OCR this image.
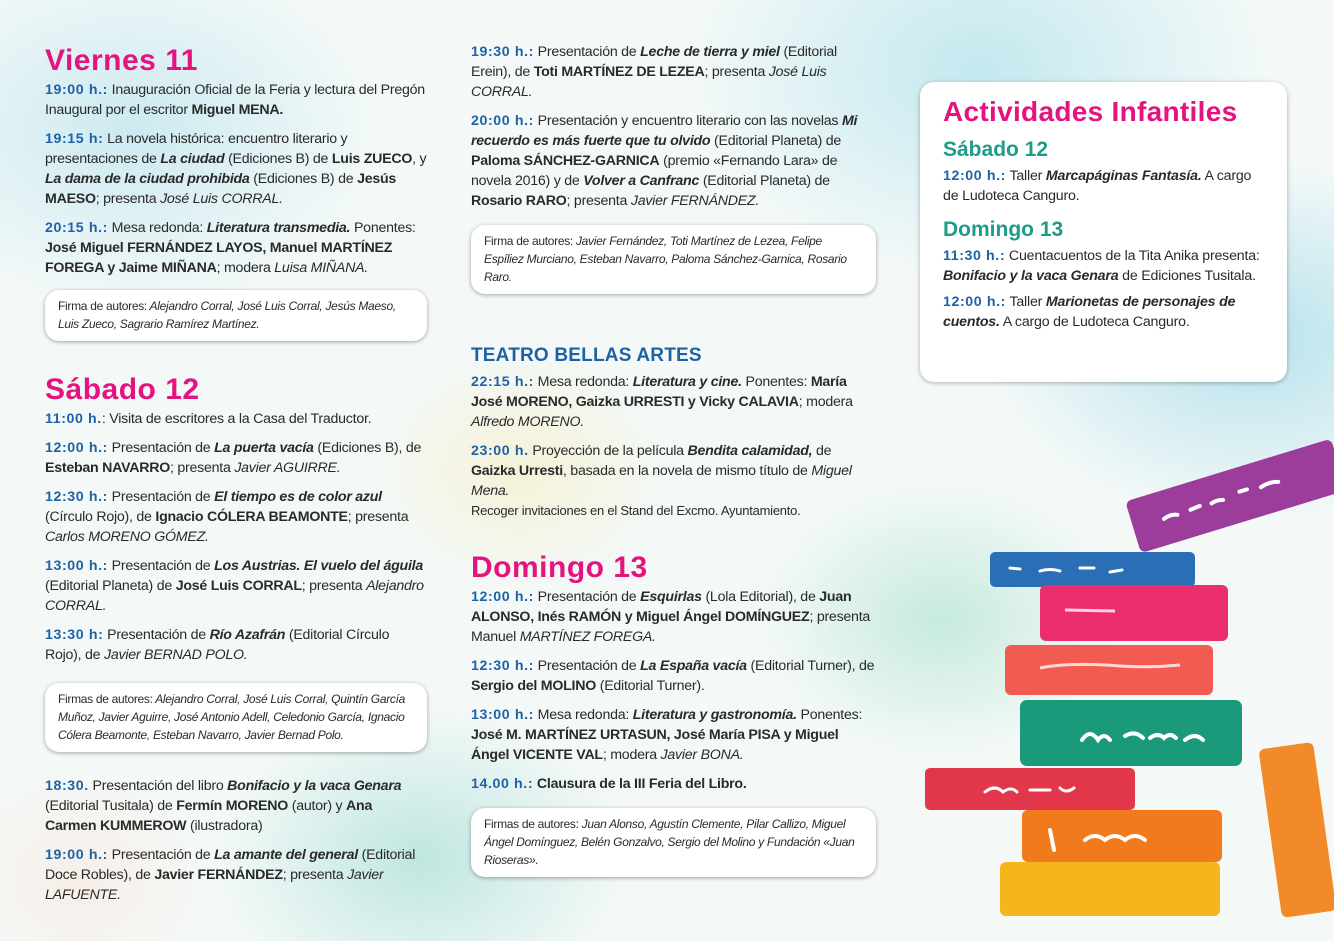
Viernes 11

19:00 h.: Inauguración Oficial de la Feria y lectura del Pregón Inaugural por el escritor Miguel MENA.

19:15 h: La novela histórica: encuentro literario y presentaciones de La ciudad (Ediciones B) de Luis ZUECO, y La dama de la ciudad prohibida (Ediciones B) de Jesús MAESO; presenta José Luis CORRAL.

20:15 h.: Mesa redonda: Literatura transmedia. Ponentes: José Miguel FERNÁNDEZ LAYOS, Manuel MARTÍNEZ FOREGA y Jaime MIÑANA; modera Luisa MIÑANA.

Firma de autores: Alejandro Corral, José Luis Corral, Jesús Maeso, Luis Zueco, Sagrario Ramírez Martínez.
Sábado 12

11:00 h.: Visita de escritores a la Casa del Traductor.

12:00 h.: Presentación de La puerta vacía (Ediciones B), de Esteban NAVARRO; presenta Javier AGUIRRE.

12:30 h.: Presentación de El tiempo es de color azul (Círculo Rojo), de Ignacio CÓLERA BEAMONTE; presenta Carlos MORENO GÓMEZ.

13:00 h.: Presentación de Los Austrias. El vuelo del águila (Editorial Planeta) de José Luis CORRAL; presenta Alejandro CORRAL.

13:30 h: Presentación de Río Azafrán (Editorial Círculo Rojo), de Javier BERNAD POLO.

Firmas de autores: Alejandro Corral, José Luis Corral, Quintín García Muñoz, Javier Aguirre, José Antonio Adell, Celedonio García, Ignacio Cólera Beamonte, Esteban Navarro, Javier Bernad Polo.

18:30. Presentación del libro Bonifacio y la vaca Genara (Editorial Tusitala) de Fermín MORENO (autor) y Ana Carmen KUMMEROW (ilustradora)

19:00 h.: Presentación de La amante del general (Editorial Doce Robles), de Javier FERNÁNDEZ; presenta Javier LAFUENTE.

19:30 h.: Presentación de Leche de tierra y miel (Editorial Erein), de Toti MARTÍNEZ DE LEZEA; presenta José Luis CORRAL.

20:00 h.: Presentación y encuentro literario con las novelas Mi recuerdo es más fuerte que tu olvido (Editorial Planeta) de Paloma SÁNCHEZ-GARNICA (premio «Fernando Lara» de novela 2016) y de Volver a Canfranc (Editorial Planeta) de Rosario RARO; presenta Javier FERNÁNDEZ.

Firma de autores: Javier Fernández, Toti Martínez de Lezea, Felipe Espíliez Murciano, Esteban Navarro, Paloma Sánchez-Garnica, Rosario Raro.
TEATRO BELLAS ARTES

22:15 h.: Mesa redonda: Literatura y cine. Ponentes: María José MORENO, Gaizka URRESTI y Vicky CALAVIA; modera Alfredo MORENO.

23:00 h. Proyección de la película Bendita calamidad, de Gaizka Urresti, basada en la novela de mismo título de Miguel Mena.
Recoger invitaciones en el Stand del Excmo. Ayuntamiento.

Domingo 13

12:00 h.: Presentación de Esquirlas (Lola Editorial), de Juan ALONSO, Inés RAMÓN y Miguel Ángel DOMÍNGUEZ; presenta Manuel MARTÍNEZ FOREGA.

12:30 h.: Presentación de La España vacía (Editorial Turner), de Sergio del MOLINO (Editorial Turner).

13:00 h.: Mesa redonda: Literatura y gastronomía. Ponentes: José M. MARTÍNEZ URTASUN, José María PISA y Miguel Ángel VICENTE VAL; modera Javier BONA.

14.00 h.: Clausura de la III Feria del Libro.

Firmas de autores: Juan Alonso, Agustín Clemente, Pilar Callizo, Miguel Ángel Domínguez, Belén Gonzalvo, Sergio del Molino y Fundación «Juan Rioseras».
Actividades Infantiles
Sábado 12

12:00 h.: Taller Marcapáginas Fantasía. A cargo de Ludoteca Canguro.

Domingo 13

11:30 h.: Cuentacuentos de la Tita Anika presenta: Bonifacio y la vaca Genara de Ediciones Tusitala.

12:00 h.: Taller Marionetas de personajes de cuentos. A cargo de Ludoteca Canguro.
